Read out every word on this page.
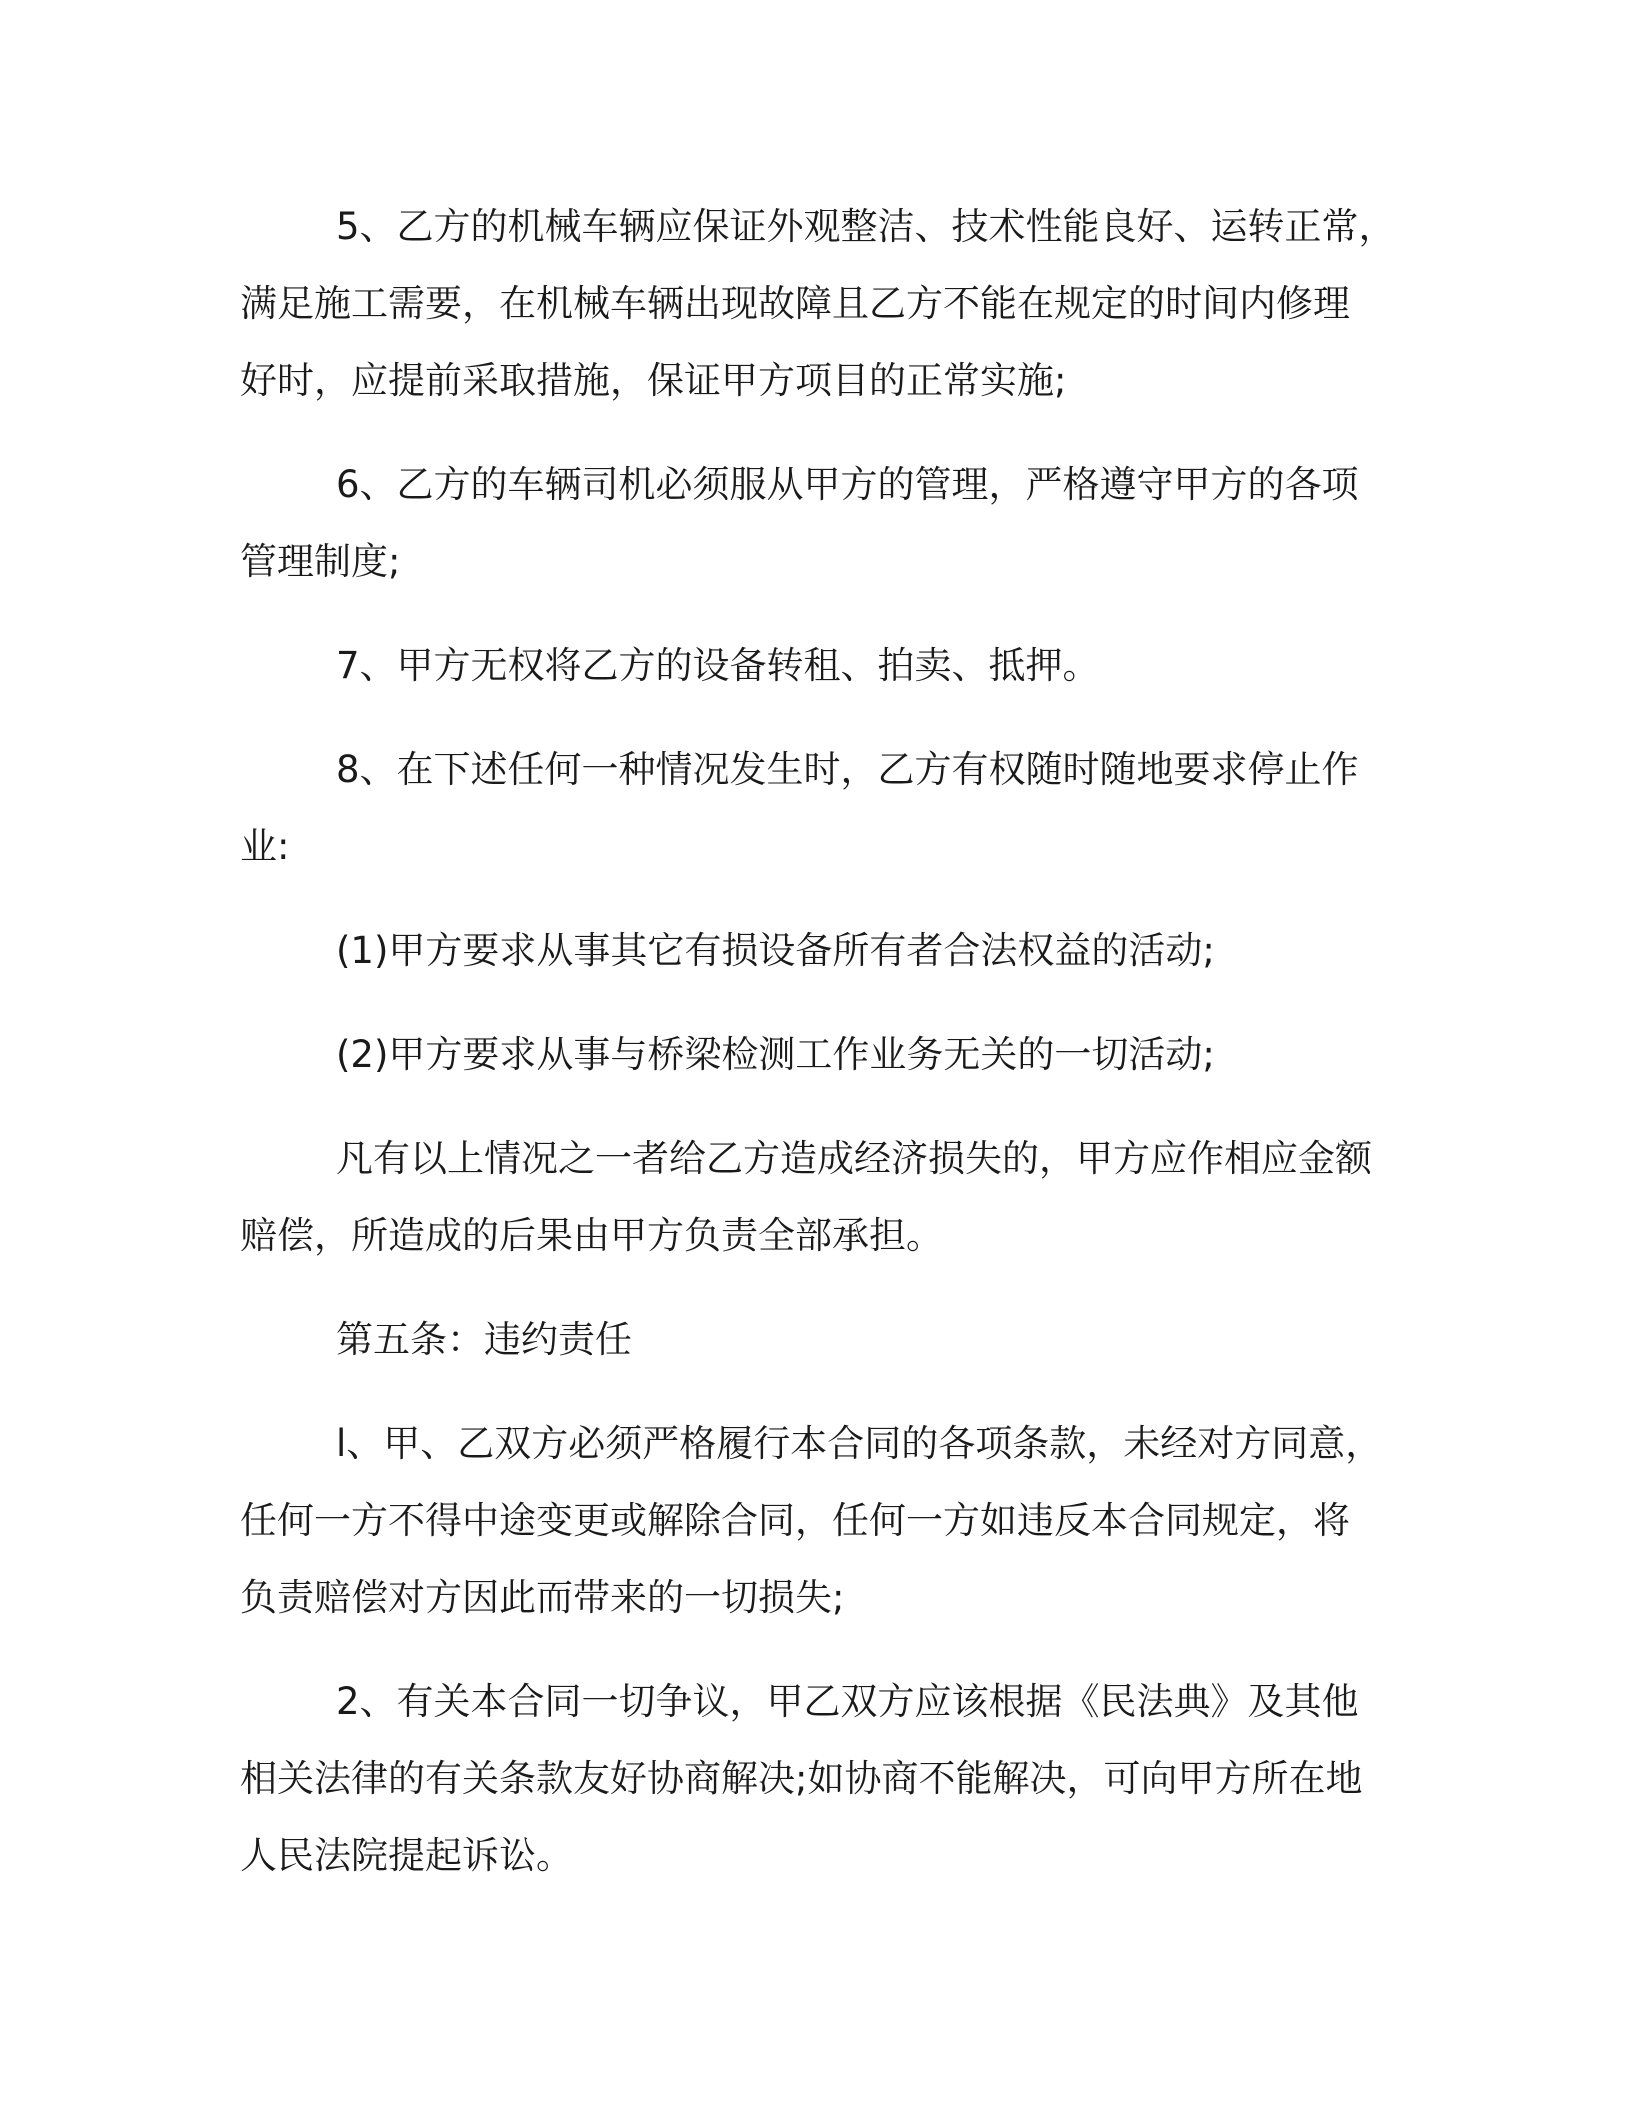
5、乙方的机械车辆应保证外观整洁、技术性能良好、运转正常，
满足施工需要，在机械车辆出现故障且乙方不能在规定的时间内修理
好时，应提前采取措施，保证甲方项目的正常实施;

6、乙方的车辆司机必须服从甲方的管理，严格遵守甲方的各项
管理制度;

7、甲方无权将乙方的设备转租、拍卖、抵押。

8、在下述任何一种情况发生时，乙方有权随时随地要求停止作
业:

(1)甲方要求从事其它有损设备所有者合法权益的活动;

(2)甲方要求从事与桥梁检测工作业务无关的一切活动;

凡有以上情况之一者给乙方造成经济损失的，甲方应作相应金额
赔偿，所造成的后果由甲方负责全部承担。

第五条：违约责任

l、甲、乙双方必须严格履行本合同的各项条款，未经对方同意，
任何一方不得中途变更或解除合同，任何一方如违反本合同规定，将
负责赔偿对方因此而带来的一切损失;

2、有关本合同一切争议，甲乙双方应该根据《民法典》及其他
相关法律的有关条款友好协商解决;如协商不能解决，可向甲方所在地
人民法院提起诉讼。
